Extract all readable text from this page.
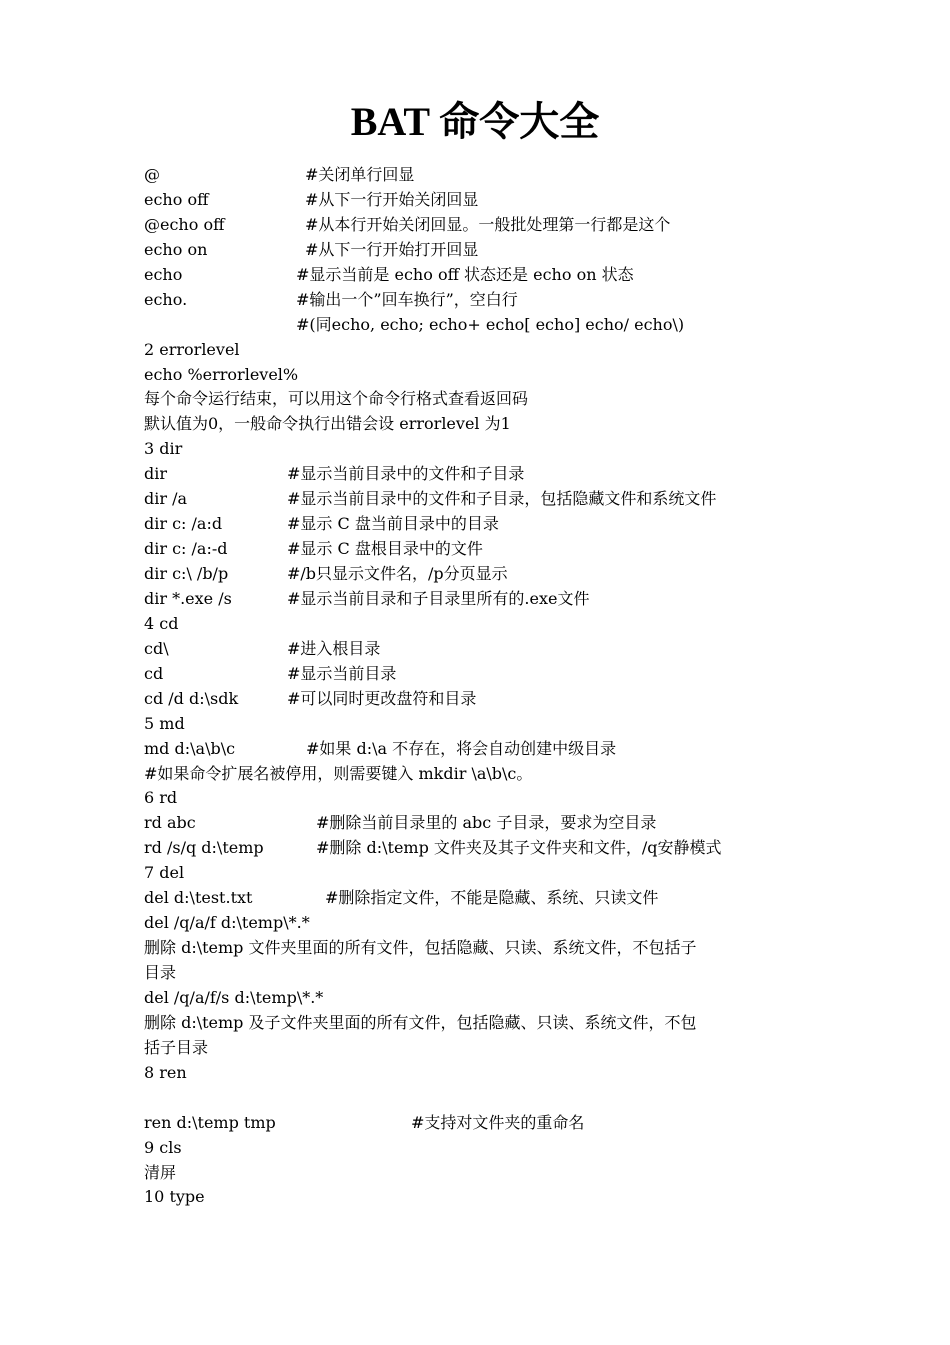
BAT 命令大全
@	#关闭单行回显
echo off	#从下一行开始关闭回显
@echo off	#从本行开始关闭回显。一般批处理第一行都是这个
echo on	#从下一行开始打开回显
echo	#显示当前是 echo off 状态还是 echo on 状态
echo.	#输出一个”回车换行”，空白行
#(同echo, echo; echo+ echo[ echo] echo/ echo\)
2 errorlevel
echo %errorlevel%
每个命令运行结束，可以用这个命令行格式查看返回码
默认值为0，一般命令执行出错会设 errorlevel 为1
3 dir
dir	#显示当前目录中的文件和子目录
dir /a	#显示当前目录中的文件和子目录，包括隐藏文件和系统文件
dir c: /a:d	#显示 C 盘当前目录中的目录
dir c: /a:-d	#显示 C 盘根目录中的文件
dir c:\ /b/p	#/b只显示文件名，/p分页显示
dir *.exe /s	#显示当前目录和子目录里所有的.exe文件
4 cd
cd\	#进入根目录
cd	#显示当前目录
cd /d d:\sdk	#可以同时更改盘符和目录
5 md
md d:\a\b\c	#如果 d:\a 不存在，将会自动创建中级目录
#如果命令扩展名被停用，则需要键入 mkdir \a\b\c。
6 rd
rd abc	#删除当前目录里的 abc 子目录，要求为空目录
rd /s/q d:\temp	#删除 d:\temp 文件夹及其子文件夹和文件，/q安静模式
7 del
del d:\test.txt	#删除指定文件，不能是隐藏、系统、只读文件
del /q/a/f d:\temp\*.*
删除 d:\temp 文件夹里面的所有文件，包括隐藏、只读、系统文件，不包括子
目录
del /q/a/f/s d:\temp\*.*
删除 d:\temp 及子文件夹里面的所有文件，包括隐藏、只读、系统文件，不包
括子目录
8 ren
ren d:\temp tmp	#支持对文件夹的重命名
9 cls
清屏
10 type
